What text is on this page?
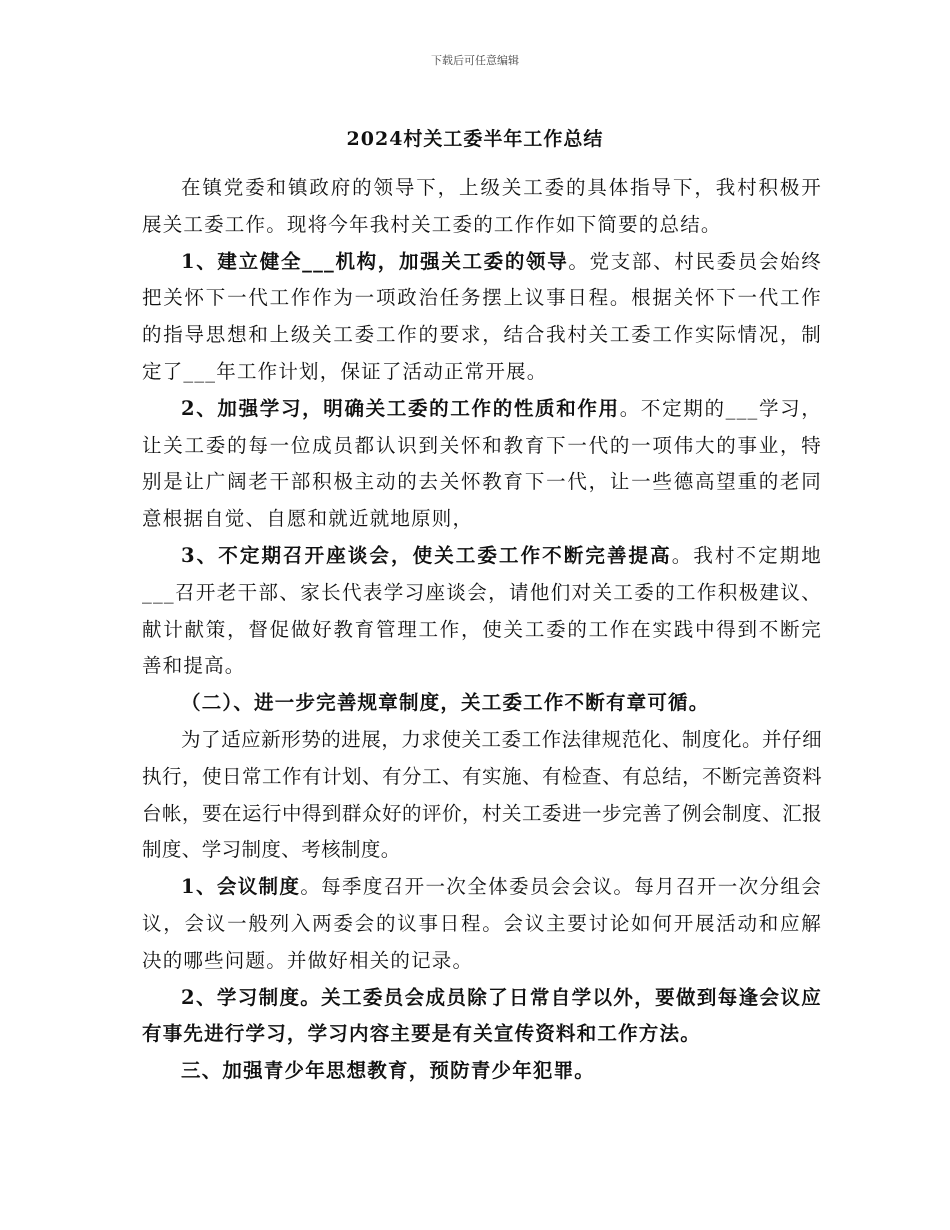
下载后可任意编辑
2024村关工委半年工作总结

在镇党委和镇政府的领导下，上级关工委的具体指导下，我村积极开展关工委工作。现将今年我村关工委的工作作如下简要的总结。

1、建立健全___机构，加强关工委的领导。党支部、村民委员会始终把关怀下一代工作作为一项政治任务摆上议事日程。根据关怀下一代工作的指导思想和上级关工委工作的要求，结合我村关工委工作实际情况，制定了___年工作计划，保证了活动正常开展。

2、加强学习，明确关工委的工作的性质和作用。不定期的___学习，让关工委的每一位成员都认识到关怀和教育下一代的一项伟大的事业，特别是让广阔老干部积极主动的去关怀教育下一代，让一些德高望重的老同意根据自觉、自愿和就近就地原则，

3、不定期召开座谈会，使关工委工作不断完善提高。我村不定期地___召开老干部、家长代表学习座谈会，请他们对关工委的工作积极建议、献计献策，督促做好教育管理工作，使关工委的工作在实践中得到不断完善和提高。

（二）、进一步完善规章制度，关工委工作不断有章可循。

为了适应新形势的进展，力求使关工委工作法律规范化、制度化。并仔细执行，使日常工作有计划、有分工、有实施、有检查、有总结，不断完善资料台帐，要在运行中得到群众好的评价，村关工委进一步完善了例会制度、汇报制度、学习制度、考核制度。

1、会议制度。每季度召开一次全体委员会会议。每月召开一次分组会议，会议一般列入两委会的议事日程。会议主要讨论如何开展活动和应解决的哪些问题。并做好相关的记录。

2、学习制度。关工委员会成员除了日常自学以外，要做到每逢会议应有事先进行学习，学习内容主要是有关宣传资料和工作方法。

三、加强青少年思想教育，预防青少年犯罪。
